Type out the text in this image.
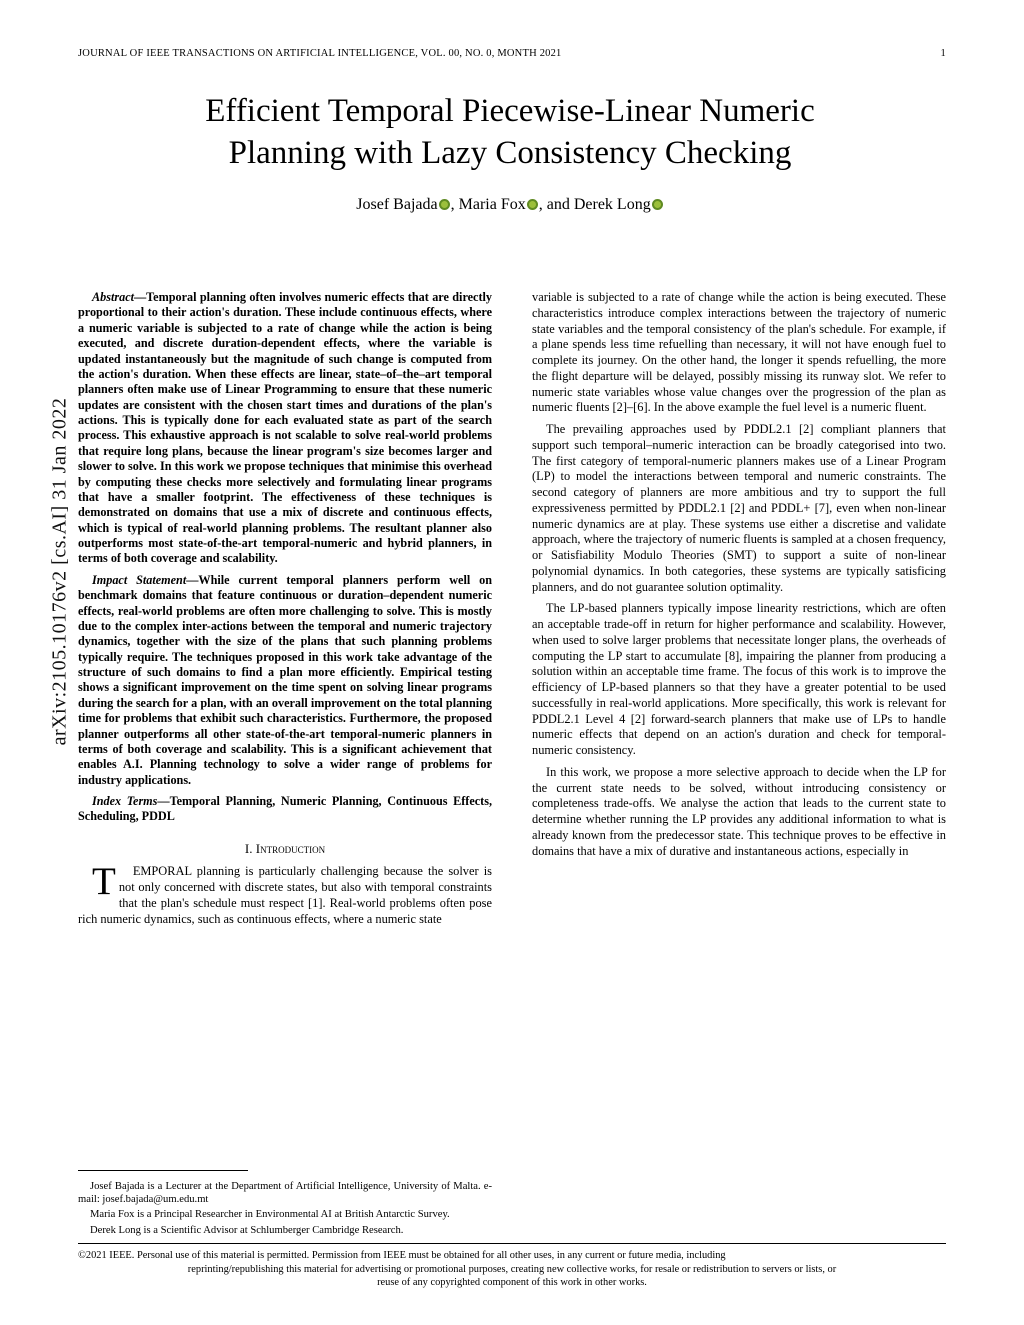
arXiv:2105.10176v2 [cs.AI] 31 Jan 2022
JOURNAL OF IEEE TRANSACTIONS ON ARTIFICIAL INTELLIGENCE, VOL. 00, NO. 0, MONTH 2021	1
Efficient Temporal Piecewise-Linear Numeric
Planning with Lazy Consistency Checking
Josef Bajada , Maria Fox , and Derek Long

Abstract—Temporal planning often involves numeric effects that are directly proportional to their action's duration. These include continuous effects, where a numeric variable is subjected to a rate of change while the action is being executed, and discrete duration-dependent effects, where the variable is updated instantaneously but the magnitude of such change is computed from the action's duration. When these effects are linear, state–of–the–art temporal planners often make use of Linear Programming to ensure that these numeric updates are consistent with the chosen start times and durations of the plan's actions. This is typically done for each evaluated state as part of the search process. This exhaustive approach is not scalable to solve real-world problems that require long plans, because the linear program's size becomes larger and slower to solve. In this work we propose techniques that minimise this overhead by computing these checks more selectively and formulating linear programs that have a smaller footprint. The effectiveness of these techniques is demonstrated on domains that use a mix of discrete and continuous effects, which is typical of real-world planning problems. The resultant planner also outperforms most state-of-the-art temporal-numeric and hybrid planners, in terms of both coverage and scalability.

Impact Statement—While current temporal planners perform well on benchmark domains that feature continuous or duration–dependent numeric effects, real-world problems are often more challenging to solve. This is mostly due to the complex inter-actions between the temporal and numeric trajectory dynamics, together with the size of the plans that such planning problems typically require. The techniques proposed in this work take advantage of the structure of such domains to find a plan more efficiently. Empirical testing shows a significant improvement on the time spent on solving linear programs during the search for a plan, with an overall improvement on the total planning time for problems that exhibit such characteristics. Furthermore, the proposed planner outperforms all other state-of-the-art temporal-numeric planners in terms of both coverage and scalability. This is a significant achievement that enables A.I. Planning technology to solve a wider range of problems for industry applications.

Index Terms—Temporal Planning, Numeric Planning, Continuous Effects, Scheduling, PDDL

I. Introduction

T EMPORAL planning is particularly challenging because the solver is not only concerned with discrete states, but also with temporal constraints that the plan's schedule must respect [1]. Real-world problems often pose rich numeric dynamics, such as continuous effects, where a numeric state

Josef Bajada is a Lecturer at the Department of Artificial Intelligence, University of Malta. e-mail: josef.bajada@um.edu.mt

Maria Fox is a Principal Researcher in Environmental AI at British Antarctic Survey.

Derek Long is a Scientific Advisor at Schlumberger Cambridge Research.

variable is subjected to a rate of change while the action is being executed. These characteristics introduce complex interactions between the trajectory of numeric state variables and the temporal consistency of the plan's schedule. For example, if a plane spends less time refuelling than necessary, it will not have enough fuel to complete its journey. On the other hand, the longer it spends refuelling, the more the flight departure will be delayed, possibly missing its runway slot. We refer to numeric state variables whose value changes over the progression of the plan as numeric fluents [2]–[6]. In the above example the fuel level is a numeric fluent.

The prevailing approaches used by PDDL2.1 [2] compliant planners that support such temporal–numeric interaction can be broadly categorised into two. The first category of temporal-numeric planners makes use of a Linear Program (LP) to model the interactions between temporal and numeric constraints. The second category of planners are more ambitious and try to support the full expressiveness permitted by PDDL2.1 [2] and PDDL+ [7], even when non-linear numeric dynamics are at play. These systems use either a discretise and validate approach, where the trajectory of numeric fluents is sampled at a chosen frequency, or Satisfiability Modulo Theories (SMT) to support a suite of non-linear polynomial dynamics. In both categories, these systems are typically satisficing planners, and do not guarantee solution optimality.

The LP-based planners typically impose linearity restrictions, which are often an acceptable trade-off in return for higher performance and scalability. However, when used to solve larger problems that necessitate longer plans, the overheads of computing the LP start to accumulate [8], impairing the planner from producing a solution within an acceptable time frame. The focus of this work is to improve the efficiency of LP-based planners so that they have a greater potential to be used successfully in real-world applications. More specifically, this work is relevant for PDDL2.1 Level 4 [2] forward-search planners that make use of LPs to handle numeric effects that depend on an action's duration and check for temporal-numeric consistency.

In this work, we propose a more selective approach to decide when the LP for the current state needs to be solved, without introducing consistency or completeness trade-offs. We analyse the action that leads to the current state to determine whether running the LP provides any additional information to what is already known from the predecessor state. This technique proves to be effective in domains that have a mix of durative and instantaneous actions, especially in

©2021 IEEE. Personal use of this material is permitted. Permission from IEEE must be obtained for all other uses, in any current or future media, including
reprinting/republishing this material for advertising or promotional purposes, creating new collective works, for resale or redistribution to servers or lists, or
reuse of any copyrighted component of this work in other works.
